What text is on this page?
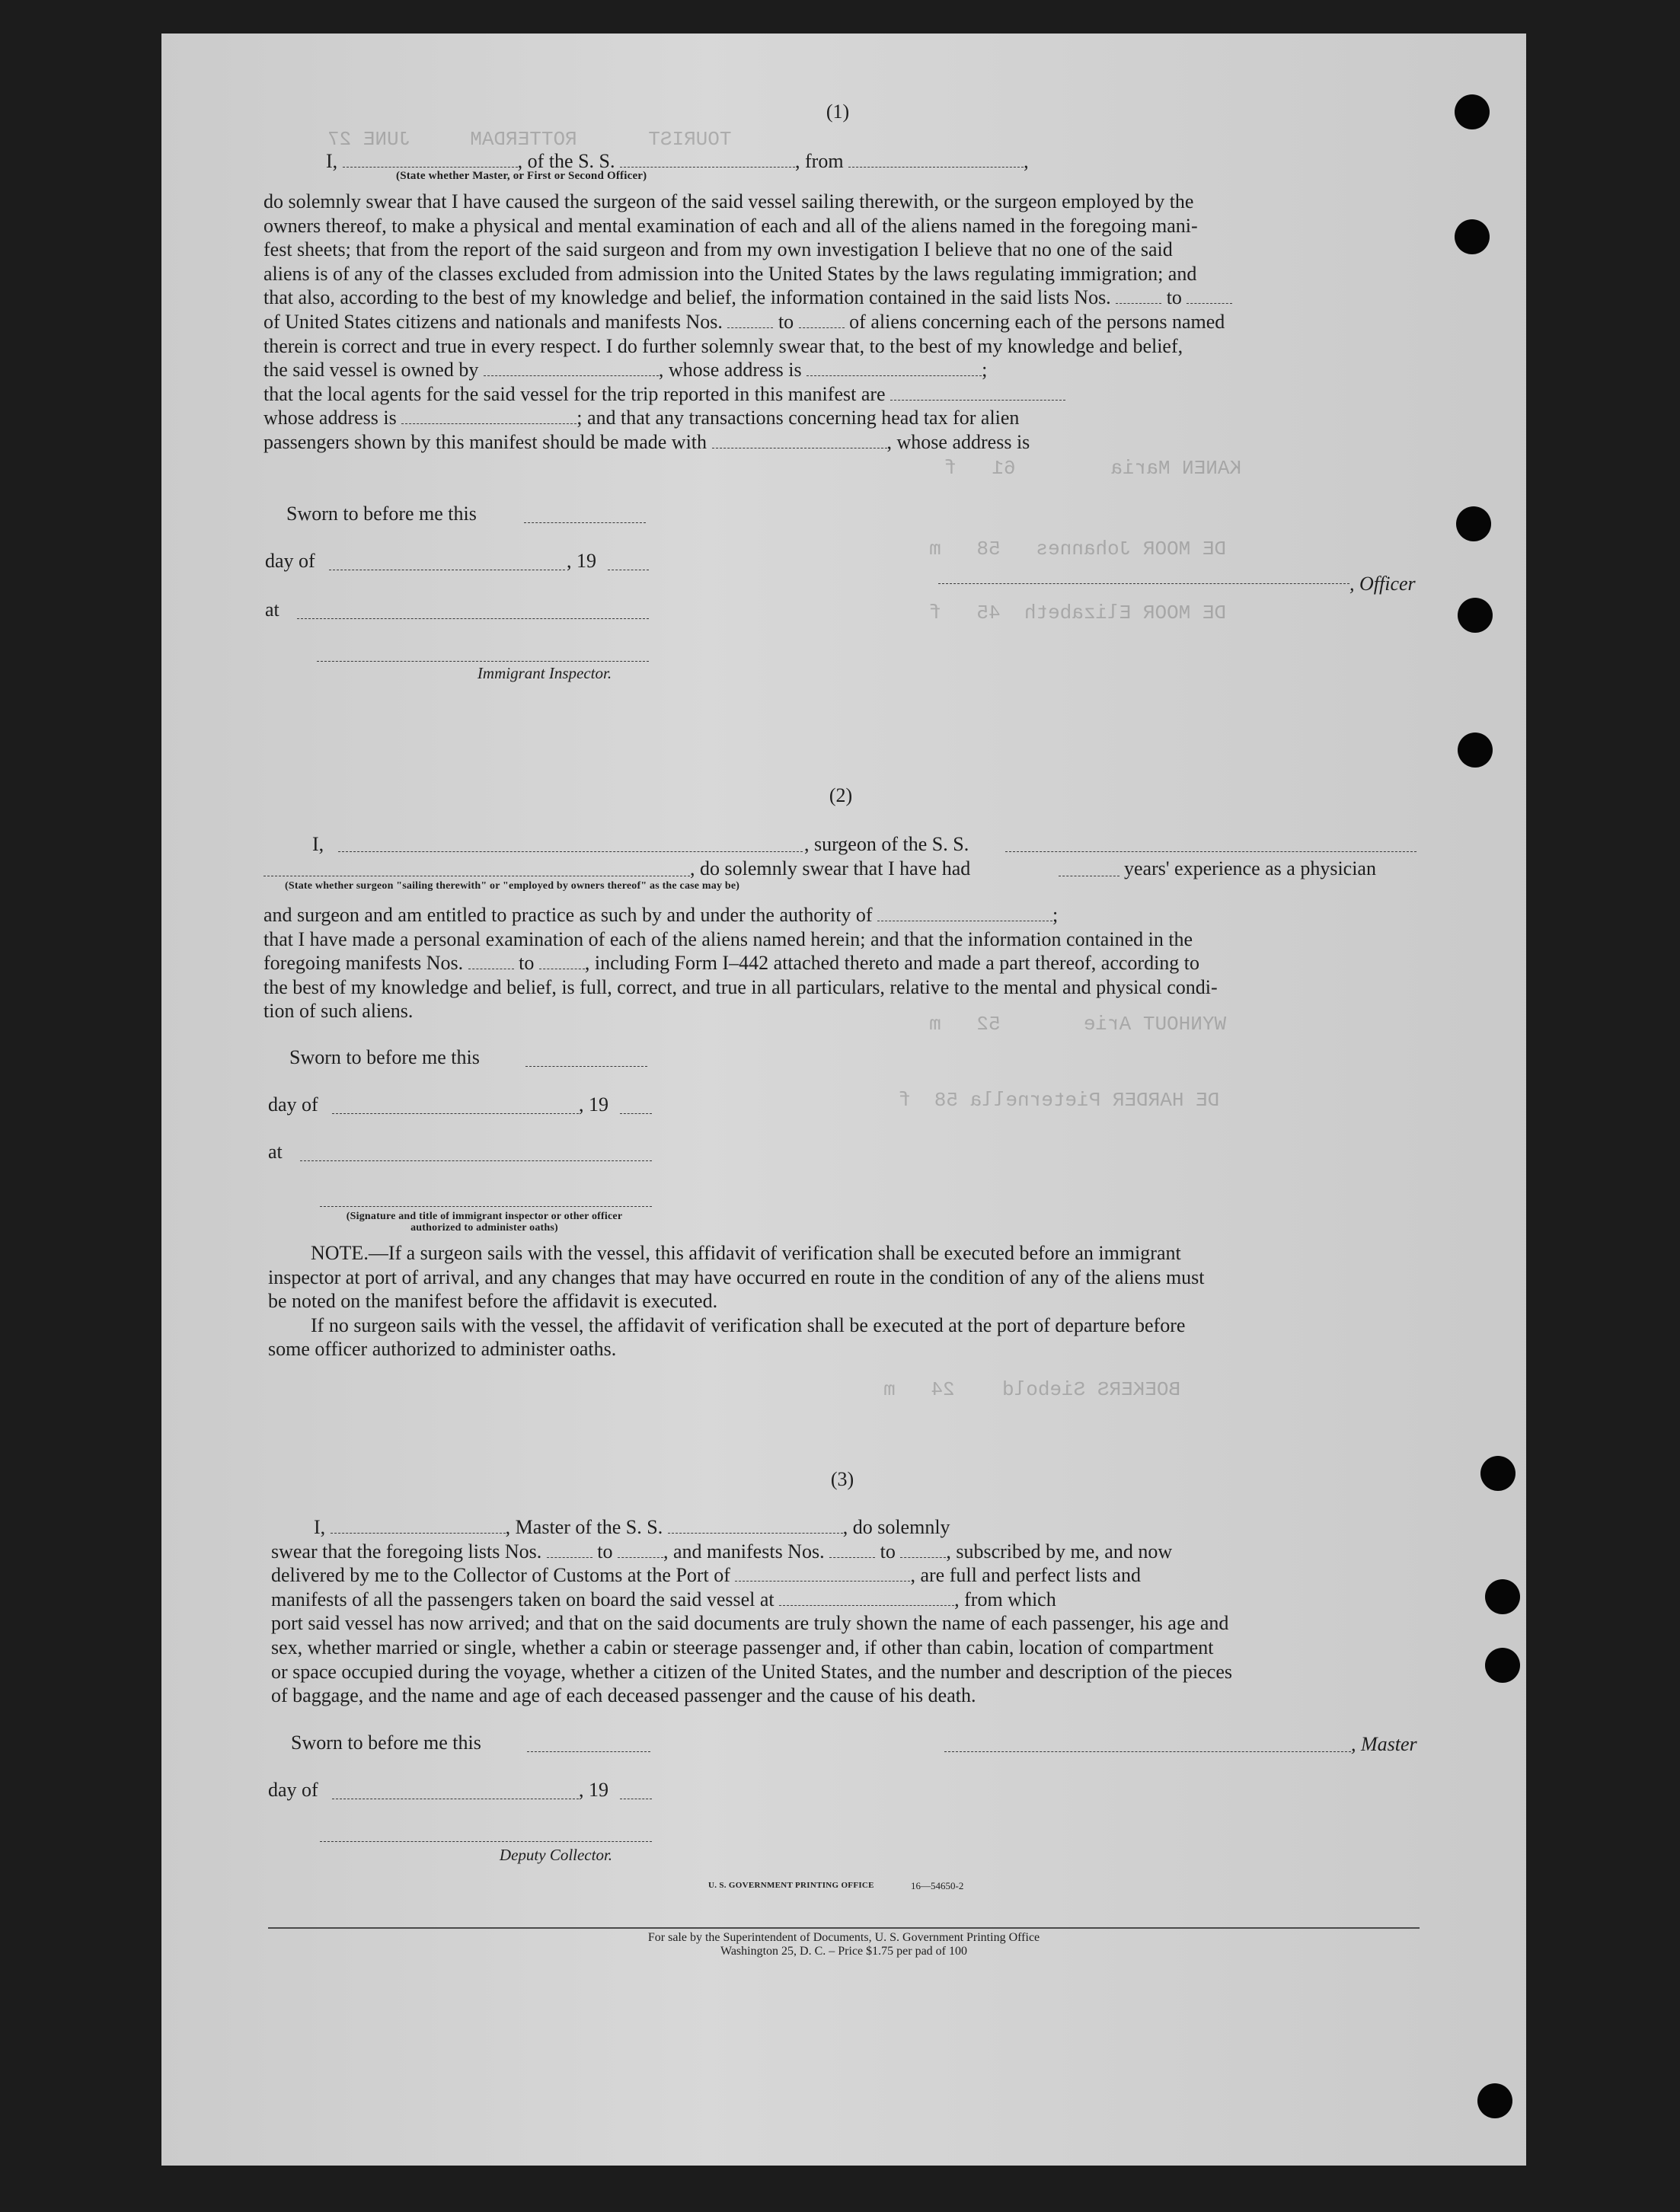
TOURIST      ROTTERDAM     JUNE 27
KANEN Maria        61   f
DE MOOR Johannes   58   m
DE MOOR Elizabeth  45   f
WYNHOUT Arie       52   m
DE HARDER Pieternella 58  f
BOEKERS Siebold    24   m
(1)

I,	, of the S. S.	, from	,

(State whether Master, or First or Second Officer)

do solemnly swear that I have caused the surgeon of the said vessel sailing therewith, or the surgeon employed by the

owners thereof, to make a physical and mental examination of each and all of the aliens named in the foregoing mani-

fest sheets; that from the report of the said surgeon and from my own investigation I believe that no one of the said

aliens is of any of the classes excluded from admission into the United States by the laws regulating immigration; and

that also, according to the best of my knowledge and belief, the information contained in the said lists Nos.  to

of United States citizens and nationals and manifests Nos.  to  of aliens concerning each of the persons named

therein is correct and true in every respect. I do further solemnly swear that, to the best of my knowledge and belief,

the said vessel is owned by	, whose address is	;

that the local agents for the said vessel for the trip reported in this manifest are

whose address is	; and that any transactions concerning head tax for alien

passengers shown by this manifest should be made with	, whose address is

Sworn to before me this
day of	, 19
, Officer
at
Immigrant Inspector.
(2)
I,	, surgeon of the S. S.
, do solemnly swear that I have had	years' experience as a physician
(State whether surgeon "sailing therewith" or "employed by owners thereof" as the case may be)

and surgeon and am entitled to practice as such by and under the authority of	;

that I have made a personal examination of each of the aliens named herein; and that the information contained in the

foregoing manifests Nos.  to , including Form I–442 attached thereto and made a part thereof, according to

the best of my knowledge and belief, is full, correct, and true in all particulars, relative to the mental and physical condi-

tion of such aliens.

Sworn to before me this
day of	, 19
at
(Signature and title of immigrant inspector or other officer authorized to administer oaths)

NOTE.—If a surgeon sails with the vessel, this affidavit of verification shall be executed before an immigrant

inspector at port of arrival, and any changes that may have occurred en route in the condition of any of the aliens must

be noted on the manifest before the affidavit is executed.

If no surgeon sails with the vessel, the affidavit of verification shall be executed at the port of departure before

some officer authorized to administer oaths.

(3)

I,	, Master of the S. S.	, do solemnly

swear that the foregoing lists Nos.  to , and manifests Nos.  to , subscribed by me, and now

delivered by me to the Collector of Customs at the Port of	, are full and perfect lists and

manifests of all the passengers taken on board the said vessel at	, from which

port said vessel has now arrived; and that on the said documents are truly shown the name of each passenger, his age and

sex, whether married or single, whether a cabin or steerage passenger and, if other than cabin, location of compartment

or space occupied during the voyage, whether a citizen of the United States, and the number and description of the pieces

of baggage, and the name and age of each deceased passenger and the cause of his death.

Sworn to before me this	, Master
day of	, 19
Deputy Collector.
U. S. GOVERNMENT PRINTING OFFICE	16—54650-2
For sale by the Superintendent of Documents, U. S. Government Printing Office
Washington 25, D. C. – Price $1.75 per pad of 100
